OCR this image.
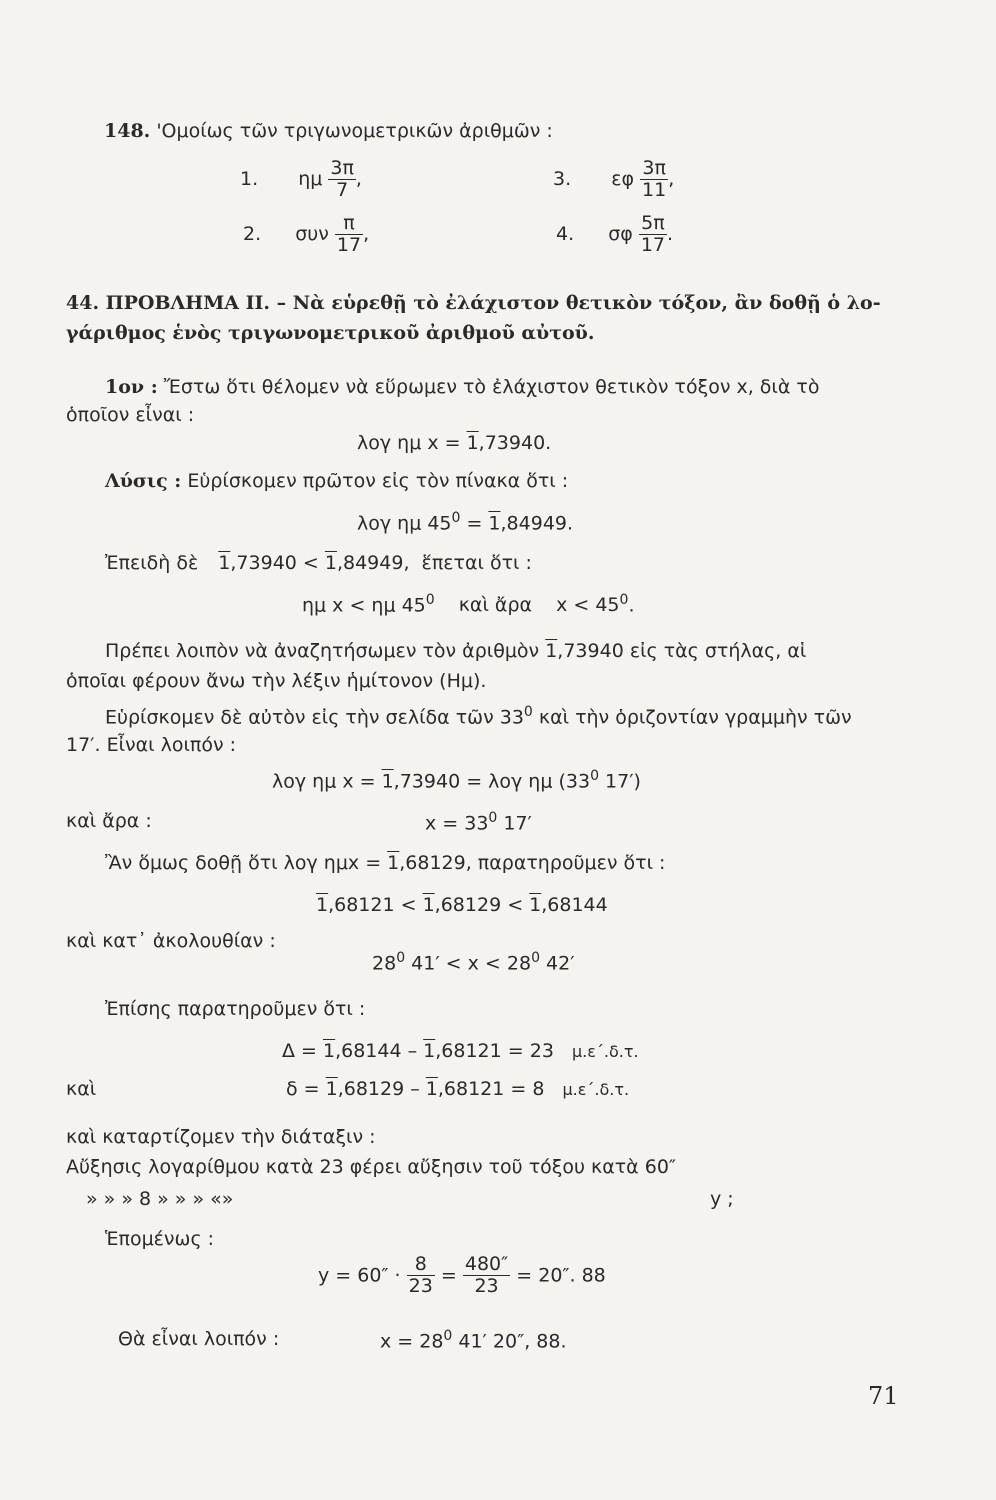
148. 'Ομοίως τῶν τριγωνομετρικῶν ἀριθμῶν :
1. ημ $\frac{3\pi}{7}$ ,	3. εφ $\frac{3\pi}{11}$ ,
2. συν $\frac{\pi}{17}$ ,	4. σφ $\frac{5\pi}{17}$ .
44. ΠΡΟΒΛΗΜΑ ΙΙ. – Νὰ εὑρεθῇ τὸ ἐλάχιστον θετικὸν τόξον, ἂν δοθῇ ὁ λο-
γάριθμος ἑνὸς τριγωνομετρικοῦ ἀριθμοῦ αὐτοῦ.
1ον : Ἔστω ὅτι θέλομεν νὰ εὕρωμεν τὸ ἐλάχιστον θετικὸν τόξον x, διὰ τὸ
ὁποῖον εἶναι :
λογ ημ x = 1,73940.
Λύσις : Εὑρίσκομεν πρῶτον εἰς τὸν πίνακα ὅτι :
λογ ημ $45^0 = 1,84949$.
Ἐπειδὴ δὲ 1,73940 < 1,84949, ἕπεται ὅτι :
ημ x < ημ $45^0$ καὶ ἄρα $x < 45^0$.
Πρέπει λοιπὸν νὰ ἀναζητήσωμεν τὸν ἀριθμὸν 1,73940 εἰς τὰς στήλας, αἱ
ὁποῖαι φέρουν ἄνω τὴν λέξιν ἡμίτονον (Ημ).
Εὑρίσκομεν δὲ αὐτὸν εἰς τὴν σελίδα τῶν $33^0$ καὶ τὴν ὁριζοντίαν γραμμὴν τῶν
17′. Εἶναι λοιπόν :
λογ ημ x = 1,73940 = λογ ημ ($33^0$ 17′)
καὶ ἄρα :	$x = 33^0$ 17′
Ἂν ὅμως δοθῇ ὅτι λογ ημx = 1,68129, παρατηροῦμεν ὅτι :
1,68121 < 1,68129 < 1,68144
καὶ κατ᾽ ἀκολουθίαν :
$28^0$ $41' < x < 28^0$ 42′
Ἐπίσης παρατηροῦμεν ὅτι :
Δ = 1,68144 – 1,68121 = 23 μ.ε΄.δ.τ.
καὶ	δ = 1,68129 – 1,68121 = 8 μ.ε΄.δ.τ.
καὶ καταρτίζομεν τὴν διάταξιν :
Αὔξησις λογαρίθμου κατὰ 23 φέρει αὔξησιν τοῦ τόξου κατὰ 60″
» » » 8 » » » «»	y ;
Ἑπομένως :
$y = 60'' \cdot \frac{8}{23} = \frac{480''}{23} = 20''$. 88
Θὰ εἶναι λοιπόν :	$x = 28^0$ 41′ 20″, 88.
71
